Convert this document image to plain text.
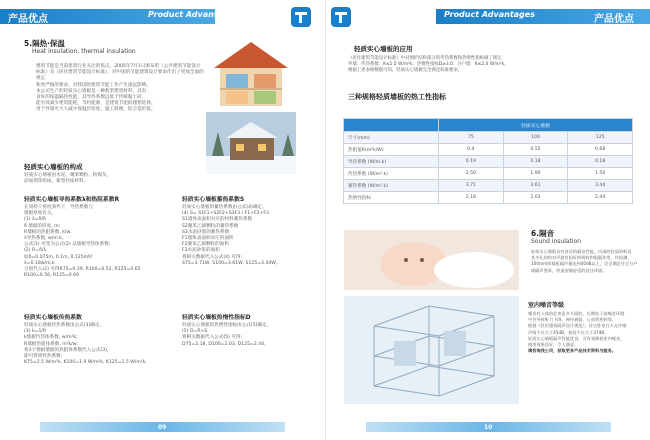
产品优点	Product Advantages
5.隔热·保温
Heat insulation, thermal insulation
建筑节能是当前建筑行业关注的焦点，2005年7月1日颁布的《公共建筑节能设计标准》及《居住建筑节能设计标准》，对中国的节能建筑设计要求作出了更加全面的规定
和更严格的要求，对我国的建筑节能工作产生深远影响。
本公司生产的轻质实心墙板是一种新型建筑材料，具有
良好的保温隔热性能，其导热系数远低于传统黏土砖，
能有效减少建筑能耗，节约能源，是建筑节能的理想选择。
用于外墙可大大减少保温层厚度，施工简便，综合造价低。
轻质实心墙板的构成
轻质实心墙板由水泥、聚苯颗粒、粉煤灰、
添加剂等组成，新型轻质材料。
轻质实心墙板导热系数λ和热阻系数R
在同样干密度条件下，导热系数与
墙板厚度有关。
(1) λ=δ/R
δ 墙板的厚度, m;
R墙板的热阻系数, k/w,
λ导热系数, w/m.k。
公式(1) 可变为公式(2) 以墙板导热体系数:
(2) R=δ/λ
如δ=0.075m, 0.1m, 0.125m时
λ=0.18w/m.k
分别代入(2) 可得R75=0.39, R100=0.52, R125=0.65
R100=0.56, R125=0.69
轻质实心墙板传热系数
轻质实心墙板传热系数由公式(3)确定。
(3) k=1/R
k墙板传热体系数, w/m²k;
R墙板热阻体系数, m²k/w;
将3个墙板墙板的热阻体系数代入公式(3)，
即可得到传热系数:
K75=2.5 W/m²k, K100=1.9 W/m²k, K125=1.5 W/m²k。
轻质实心墙板蓄热系数S
轻质实心墙板的蓄热系数由公式(4)确定。
(4) S= S1F1+S2F2+S3F3 / F1+F2+F3
S1墙体表面积对应的材料蓄热系数
S2聚苯乙烯颗粒的蓄热系数
S3水泥砂浆的蓄热系数
F1墙体表面积对应的面积
F2聚苯乙烯颗粒的面积
F3水泥砂浆的面积
将相关数据代入公式(4) 可得:
S75=3.71W, S100=3.61W, S125=3.44W。
轻质实心墙板热惰性指标D
轻质实心墙板的热惰性指标由公式(5)确定。
(5) D=R×S
将相关数据代入公式(5) 可得:
D75=2.18, D100=2.03, D125=2.44。
09
Product Advantages	产品优点
轻质实心墙板的应用
《居住建筑节能设计标准》中对围护结构部分的传热系数和热惰性指标做了规定：
外墙：传热系数：K≤1.5 W/m²k，热惰性指标D≥3.0；分户墙：K≤2.0 W/m²k。
根据上述表格数据可知，轻质实心墙板完全满足标准要求。
三种规格轻质墙板的热工性指标
	轻质实心墙板		
尺寸(mm)	75	100	125
热阻值R(m²k/W)	0.4	0.55	0.68
导热系数 (W/m.k)	0.19	0.18	0.18
传热系数 (W/m².k)	2.50	1.90	1.50
蓄热系数 (W/m².k)	3.71	3.61	3.44
热惰性指标	2.18	2.03	2.44
6.隔音
Sound insulation
轻质实心墙板具有良好的隔音性能，内部的轻质材料及
其多孔结构对声波有很好的吸收和阻隔作用，经检测，
100mm厚墙板隔声量达到40dB以上，完全满足住宅分户
墙隔声要求，营造安静舒适的居住环境。
室内噪音等级
噪音对人体的危害是多方面的，长期处于高噪音环境
中会导致听力下降、神经衰弱、心血管疾病等。
根据《民用建筑隔声设计规范》，住宅卧室白天允许噪
声级不应大于45dB，夜间不应大于37dB。
轻质实心墙板隔声性能优良，可有效降低室内噪音，
使用效果良好，令人满意。
请咨询我公司，获取更多产品技术资料与服务。
10
